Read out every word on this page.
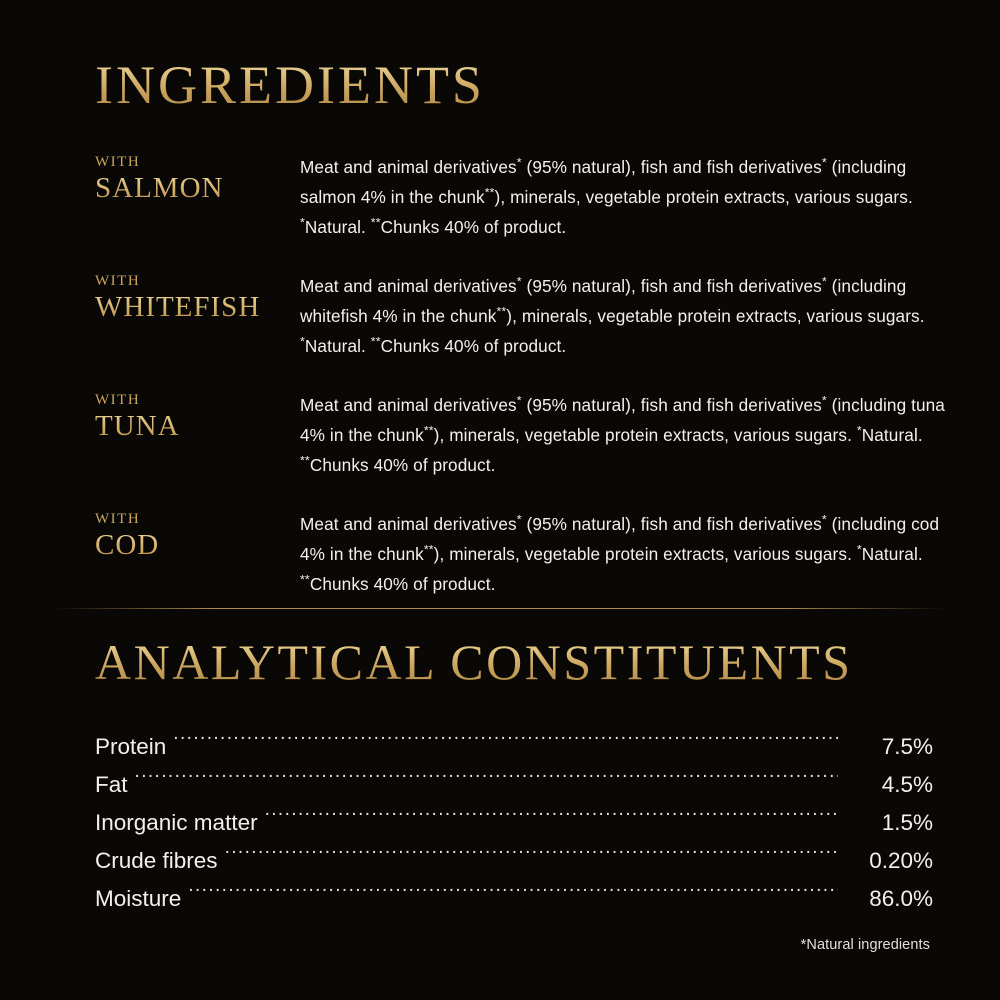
INGREDIENTS
WITH
SALMON
Meat and animal derivatives* (95% natural), fish and fish derivatives* (including salmon 4% in the chunk**), minerals, vegetable protein extracts, various sugars. *Natural. **Chunks 40% of product.
WITH
WHITEFISH
Meat and animal derivatives* (95% natural), fish and fish derivatives* (including whitefish 4% in the chunk**), minerals, vegetable protein extracts, various sugars. *Natural. **Chunks 40% of product.
WITH
TUNA
Meat and animal derivatives* (95% natural), fish and fish derivatives* (including tuna 4% in the chunk**), minerals, vegetable protein extracts, various sugars. *Natural. **Chunks 40% of product.
WITH
COD
Meat and animal derivatives* (95% natural), fish and fish derivatives* (including cod 4% in the chunk**), minerals, vegetable protein extracts, various sugars. *Natural. **Chunks 40% of product.
ANALYTICAL CONSTITUENTS
Protein .....	7.5%
Fat .....	4.5%
Inorganic matter .....	1.5%
Crude fibres .....	0.20%
Moisture .....	86.0%
*Natural ingredients
